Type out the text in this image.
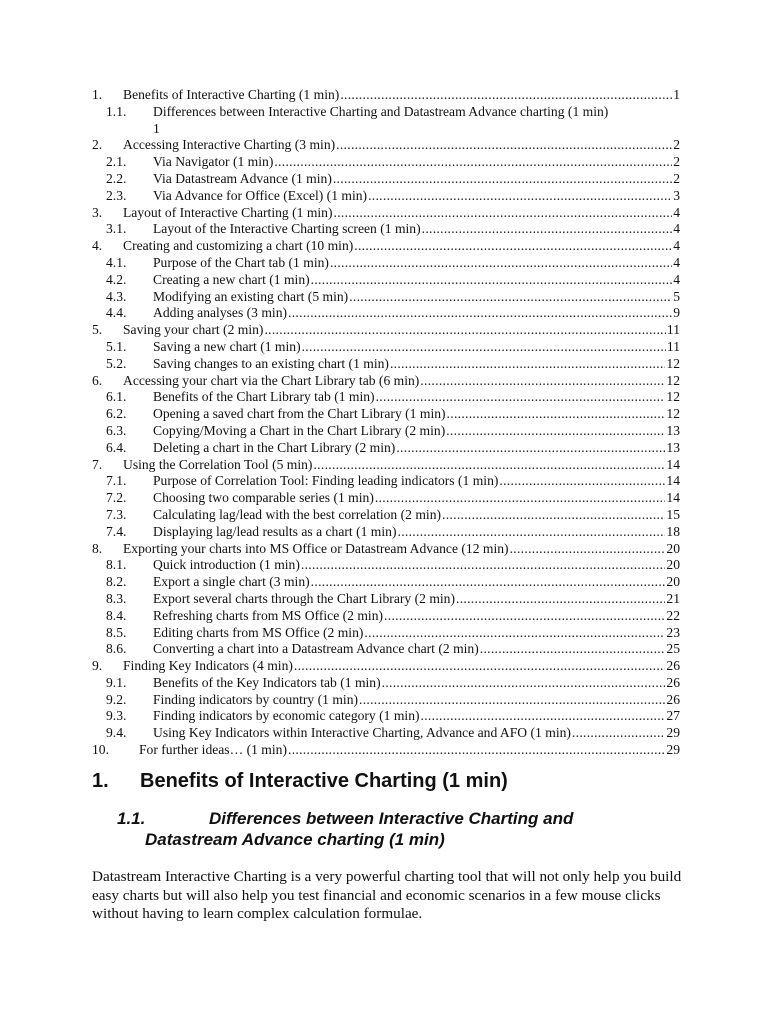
1.	Benefits of Interactive Charting (1 min) .....	1
1.1.	Differences between Interactive Charting and Datastream Advance charting (1 min)
1
2.	Accessing Interactive Charting (3 min) .....	2
2.1.	Via Navigator (1 min) .....	2
2.2.	Via Datastream Advance (1 min) .....	2
2.3.	Via Advance for Office (Excel) (1 min) .....	3
3.	Layout of Interactive Charting (1 min) .....	4
3.1.	Layout of the Interactive Charting screen (1 min) .....	4
4.	Creating and customizing a chart (10 min) .....	4
4.1.	Purpose of the Chart tab (1 min) .....	4
4.2.	Creating a new chart (1 min) .....	4
4.3.	Modifying an existing chart (5 min) .....	5
4.4.	Adding analyses (3 min) .....	9
5.	Saving your chart (2 min) .....	11
5.1.	Saving a new chart (1 min) .....	11
5.2.	Saving changes to an existing chart (1 min) .....	12
6.	Accessing your chart via the Chart Library tab (6 min) .....	12
6.1.	Benefits of the Chart Library tab (1 min) .....	12
6.2.	Opening a saved chart from the Chart Library (1 min) .....	12
6.3.	Copying/Moving a Chart in the Chart Library (2 min) .....	13
6.4.	Deleting a chart in the Chart Library (2 min) .....	13
7.	Using the Correlation Tool (5 min) .....	14
7.1.	Purpose of Correlation Tool: Finding leading indicators (1 min) .....	14
7.2.	Choosing two comparable series (1 min) .....	14
7.3.	Calculating lag/lead with the best correlation (2 min) .....	15
7.4.	Displaying lag/lead results as a chart (1 min) .....	18
8.	Exporting your charts into MS Office or Datastream Advance (12 min) .....	20
8.1.	Quick introduction (1 min) .....	20
8.2.	Export a single chart (3 min) .....	20
8.3.	Export several charts through the Chart Library (2 min) .....	21
8.4.	Refreshing charts from MS Office (2 min) .....	22
8.5.	Editing charts from MS Office (2 min) .....	23
8.6.	Converting a chart into a Datastream Advance chart (2 min) .....	25
9.	Finding Key Indicators (4 min) .....	26
9.1.	Benefits of the Key Indicators tab (1 min) .....	26
9.2.	Finding indicators by country (1 min) .....	26
9.3.	Finding indicators by economic category (1 min) .....	27
9.4.	Using Key Indicators within Interactive Charting, Advance and AFO (1 min) .....	29
10.	For further ideas… (1 min) .....	29
1.	Benefits of Interactive Charting (1 min)
1.1.	Differences between Interactive Charting and
Datastream Advance charting (1 min)
Datastream Interactive Charting is a very powerful charting tool that will not only help you build easy charts but will also help you test financial and economic scenarios in a few mouse clicks without having to learn complex calculation formulae.
